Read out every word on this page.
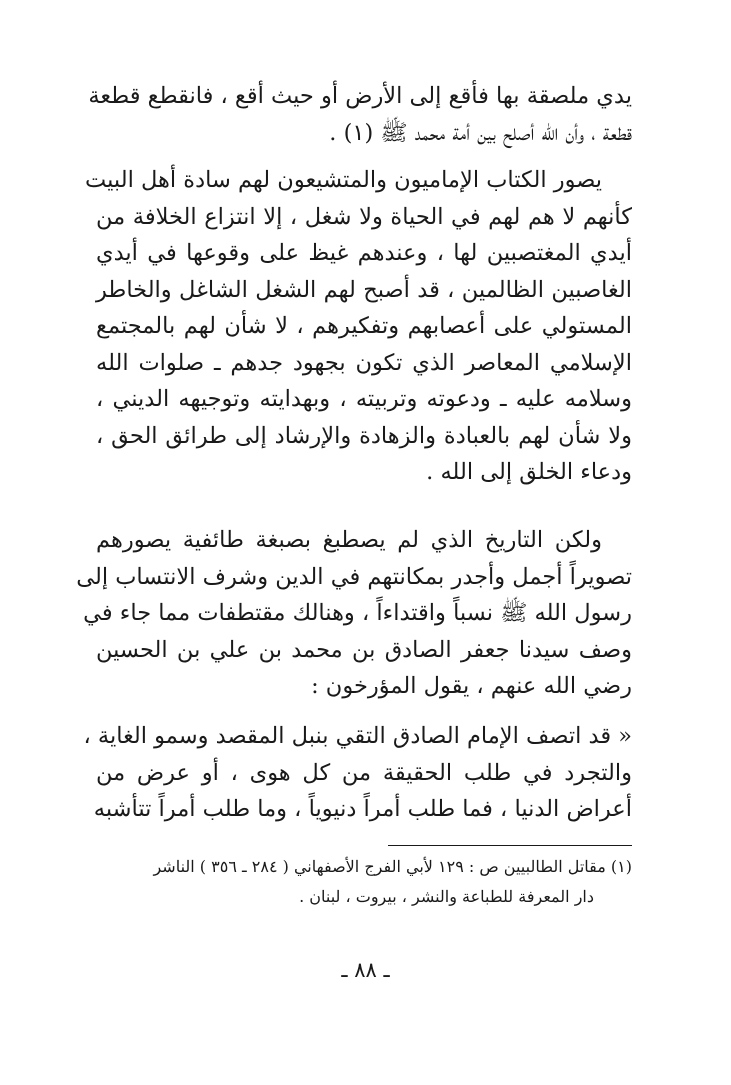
يدي ملصقة بها فأقع إلى الأرض أو حيث أقع ، فانقطع قطعة
قطعة ، وأن الله أصلح بين أمة محمد ﷺ (١) .
يصور الكتاب الإماميون والمتشيعون لهم سادة أهل البيت
كأنهم لا هم لهم في الحياة ولا شغل ، إلا انتزاع الخلافة من
أيدي المغتصبين لها ، وعندهم غيظ على وقوعها في أيدي
الغاصبين الظالمين ، قد أصبح لهم الشغل الشاغل والخاطر
المستولي على أعصابهم وتفكيرهم ، لا شأن لهم بالمجتمع
الإسلامي المعاصر الذي تكون بجهود جدهم ـ صلوات الله
وسلامه عليه ـ ودعوته وتربيته ، وبهدايته وتوجيهه الديني ،
ولا شأن لهم بالعبادة والزهادة والإرشاد إلى طرائق الحق ،
ودعاء الخلق إلى الله .
ولكن التاريخ الذي لم يصطبغ بصبغة طائفية يصورهم
تصويراً أجمل وأجدر بمكانتهم في الدين وشرف الانتساب إلى
رسول الله ﷺ نسباً واقتداءاً ، وهنالك مقتطفات مما جاء في
وصف سيدنا جعفر الصادق بن محمد بن علي بن الحسين
رضي الله عنهم ، يقول المؤرخون :
« قد اتصف الإمام الصادق التقي بنبل المقصد وسمو الغاية ،
والتجرد في طلب الحقيقة من كل هوى ، أو عرض من
أعراض الدنيا ، فما طلب أمراً دنيوياً ، وما طلب أمراً تتأشبه
(١) مقاتل الطالبيين ص : ١٢٩ لأبي الفرج الأصفهاني ( ٢٨٤ ـ ٣٥٦ ) الناشر
دار المعرفة للطباعة والنشر ، بيروت ، لبنان .
ـ ٨٨ ـ
